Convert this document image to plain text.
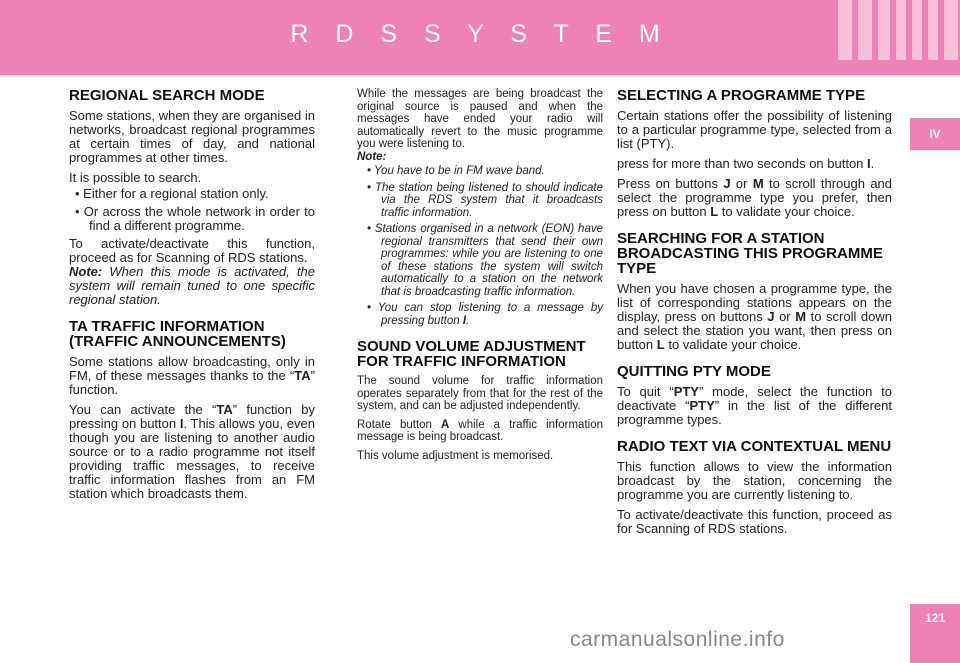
R D S S Y S T E M
IV
121
REGIONAL SEARCH MODE

Some stations, when they are organised in networks, broadcast regional programmes at certain times of day, and national programmes at other times.

It is possible to search.

• Either for a regional station only.
• Or across the whole network in order to find a different programme.

To activate/deactivate this function, proceed as for Scanning of RDS stations.

Note: When this mode is activated, the system will remain tuned to one specific regional station.

TA TRAFFIC INFORMATION (TRAFFIC ANNOUNCEMENTS)

Some stations allow broadcasting, only in FM, of these messages thanks to the “TA” function.

You can activate the “TA” function by pressing on button I. This allows you, even though you are listening to another audio source or to a radio programme not itself providing traffic messages, to receive traffic information flashes from an FM station which broadcasts them.

While the messages are being broadcast the original source is paused and when the messages have ended your radio will automatically revert to the music programme you were listening to.

Note:
• You have to be in FM wave band.
• The station being listened to should indicate via the RDS system that it broadcasts traffic information.
• Stations organised in a network (EON) have regional transmitters that send their own programmes: while you are listening to one of these stations the system will switch automatically to a station on the network that is broadcasting traffic information.
• You can stop listening to a message by pressing button I.
SOUND VOLUME ADJUSTMENT FOR TRAFFIC INFORMATION

The sound volume for traffic information operates separately from that for the rest of the system, and can be adjusted independently.

Rotate button A while a traffic information message is being broadcast.

This volume adjustment is memorised.

SELECTING A PROGRAMME TYPE

Certain stations offer the possibility of listening to a particular programme type, selected from a list (PTY).

press for more than two seconds on button I.

Press on buttons J or M to scroll through and select the programme type you prefer, then press on button L to validate your choice.

SEARCHING FOR A STATION BROADCASTING THIS PROGRAMME TYPE

When you have chosen a programme type, the list of corresponding stations appears on the display, press on buttons J or M to scroll down and select the station you want, then press on button L to validate your choice.

QUITTING PTY MODE

To quit “PTY” mode, select the function to deactivate “PTY” in the list of the different programme types.

RADIO TEXT VIA CONTEXTUAL MENU

This function allows to view the information broadcast by the station, concerning the programme you are currently listening to.

To activate/deactivate this function, proceed as for Scanning of RDS stations.

carmanualsonline.info
